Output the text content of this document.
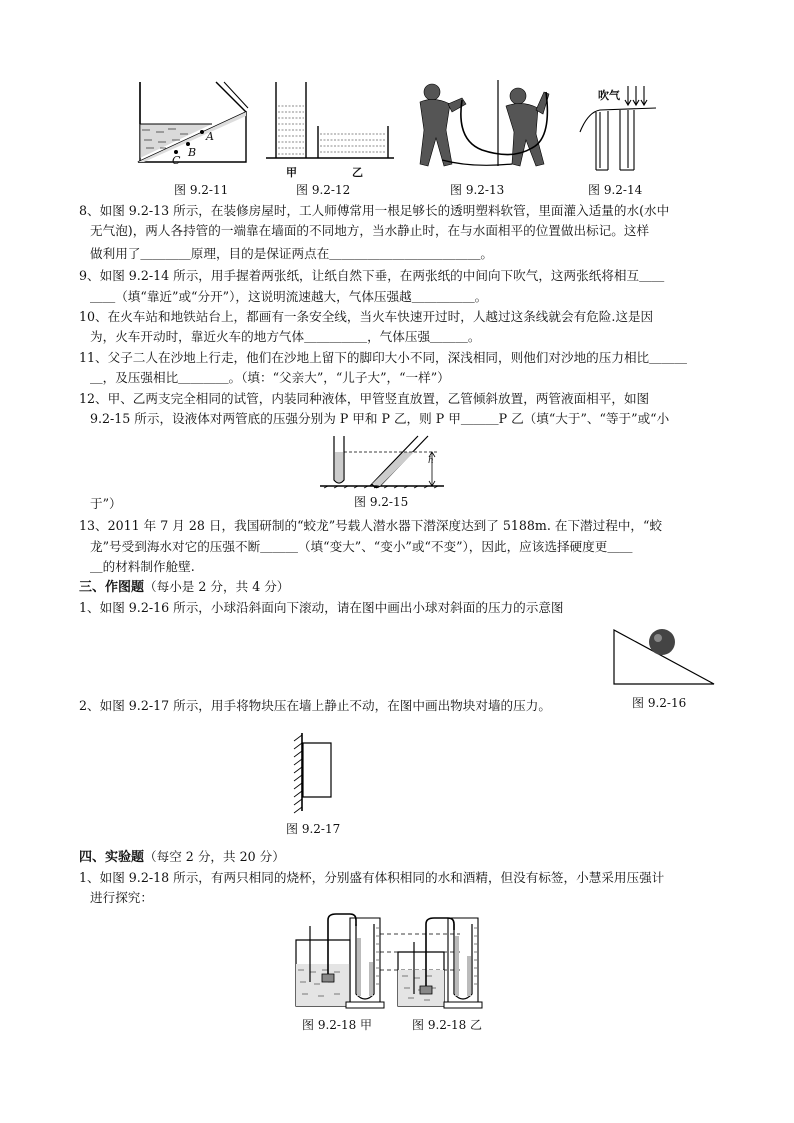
A
B
C
图 9.2-11
甲	乙
图 9.2-12	图 9.2-13
吹气
图 9.2-14
8、如图 9.2-13 所示，在装修房屋时，工人师傅常用一根足够长的透明塑料软管，里面灌入适量的水(水中
无气泡)，两人各持管的一端靠在墙面的不同地方，当水静止时，在与水面相平的位置做出标记。这样
做利用了＿＿＿＿原理，目的是保证两点在＿＿＿＿＿＿＿＿＿＿＿＿。
9、如图 9.2-14 所示，用手握着两张纸，让纸自然下垂，在两张纸的中间向下吹气，这两张纸将相互＿＿
＿＿（填“靠近”或“分开”），这说明流速越大，气体压强越＿＿＿＿＿。
10、在火车站和地铁站台上，都画有一条安全线，当火车快速开过时，人越过这条线就会有危险.这是因
为，火车开动时，靠近火车的地方气体＿＿＿＿＿，气体压强＿＿＿。
11、父子二人在沙地上行走，他们在沙地上留下的脚印大小不同，深浅相同，则他们对沙地的压力相比＿＿＿
＿，及压强相比＿＿＿＿。（填：“父亲大”，“儿子大”，“一样”）
12、甲、乙两支完全相同的试管，内装同种液体，甲管竖直放置，乙管倾斜放置，两管液面相平，如图
9.2-15 所示，设液体对两管底的压强分别为 P 甲和 P 乙，则 P 甲＿＿＿P 乙（填“大于”、“等于”或“小
h
图 9.2-15
于”）
13、2011 年 7 月 28 日，我国研制的“蛟龙”号载人潜水器下潜深度达到了 5188m. 在下潜过程中，“蛟
龙”号受到海水对它的压强不断＿＿＿（填“变大”、“变小”或“不变”），因此，应该选择硬度更＿＿
＿的材料制作舱壁.
三、作图题（每小是 2 分，共 4 分）
1、如图 9.2-16 所示，小球沿斜面向下滚动，请在图中画出小球对斜面的压力的示意图
图 9.2-16
2、如图 9.2-17 所示，用手将物块压在墙上静止不动，在图中画出物块对墙的压力。
图 9.2-17
四、实验题（每空 2 分，共 20 分）
1、如图 9.2-18 所示，有两只相同的烧杯，分别盛有体积相同的水和酒精，但没有标签，小慧采用压强计
进行探究：
图 9.2-18 甲	图 9.2-18 乙
